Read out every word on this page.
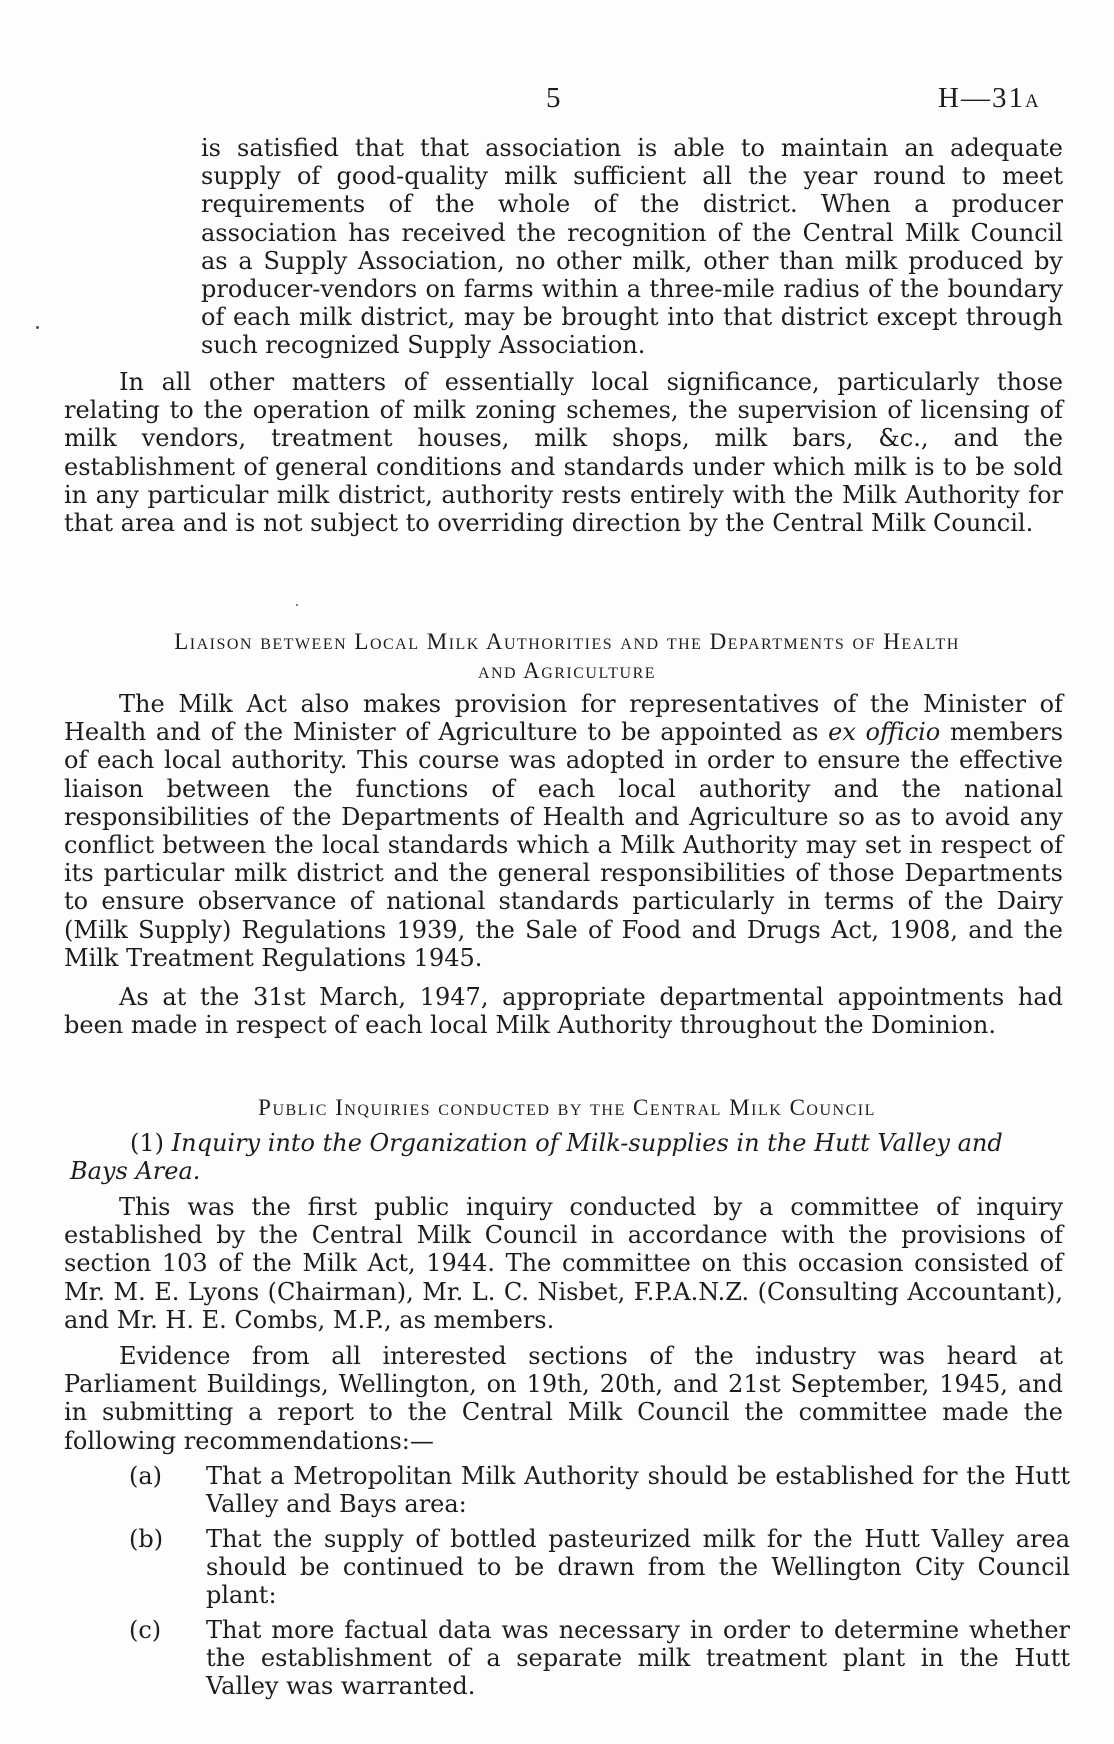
5	H—31A

is satisfied that that association is able to maintain an adequate supply of good-quality milk sufficient all the year round to meet requirements of the whole of the district. When a producer association has received the recognition of the Central Milk Council as a Supply Association, no other milk, other than milk produced by producer-vendors on farms within a three-mile radius of the boundary of each milk district, may be brought into that district except through such recognized Supply Association.

In all other matters of essentially local significance, particularly those relating to the operation of milk zoning schemes, the supervision of licensing of milk vendors, treatment houses, milk shops, milk bars, &c., and the establishment of general conditions and standards under which milk is to be sold in any particular milk district, authority rests entirely with the Milk Authority for that area and is not subject to overriding direction by the Central Milk Council.

Liaison between Local Milk Authorities and the Departments of Health
and Agriculture

The Milk Act also makes provision for representatives of the Minister of Health and of the Minister of Agriculture to be appointed as ex officio members of each local authority. This course was adopted in order to ensure the effective liaison between the functions of each local authority and the national responsibilities of the Departments of Health and Agriculture so as to avoid any conflict between the local standards which a Milk Authority may set in respect of its particular milk district and the general responsibilities of those Departments to ensure observance of national standards particularly in terms of the Dairy (Milk Supply) Regulations 1939, the Sale of Food and Drugs Act, 1908, and the Milk Treatment Regulations 1945.

As at the 31st March, 1947, appropriate departmental appointments had been made in respect of each local Milk Authority throughout the Dominion.

Public Inquiries conducted by the Central Milk Council

(1) Inquiry into the Organization of Milk-supplies in the Hutt Valley and Bays Area.

This was the first public inquiry conducted by a committee of inquiry established by the Central Milk Council in accordance with the provisions of section 103 of the Milk Act, 1944. The committee on this occasion consisted of Mr. M. E. Lyons (Chairman), Mr. L. C. Nisbet, F.P.A.N.Z. (Consulting Accountant), and Mr. H. E. Combs, M.P., as members.

Evidence from all interested sections of the industry was heard at Parliament Buildings, Wellington, on 19th, 20th, and 21st September, 1945, and in submitting a report to the Central Milk Council the committee made the following recommendations:—

(a) That a Metropolitan Milk Authority should be established for the Hutt Valley and Bays area:
(b) That the supply of bottled pasteurized milk for the Hutt Valley area should be continued to be drawn from the Wellington City Council plant:
(c) That more factual data was necessary in order to determine whether the establishment of a separate milk treatment plant in the Hutt Valley was warranted.
